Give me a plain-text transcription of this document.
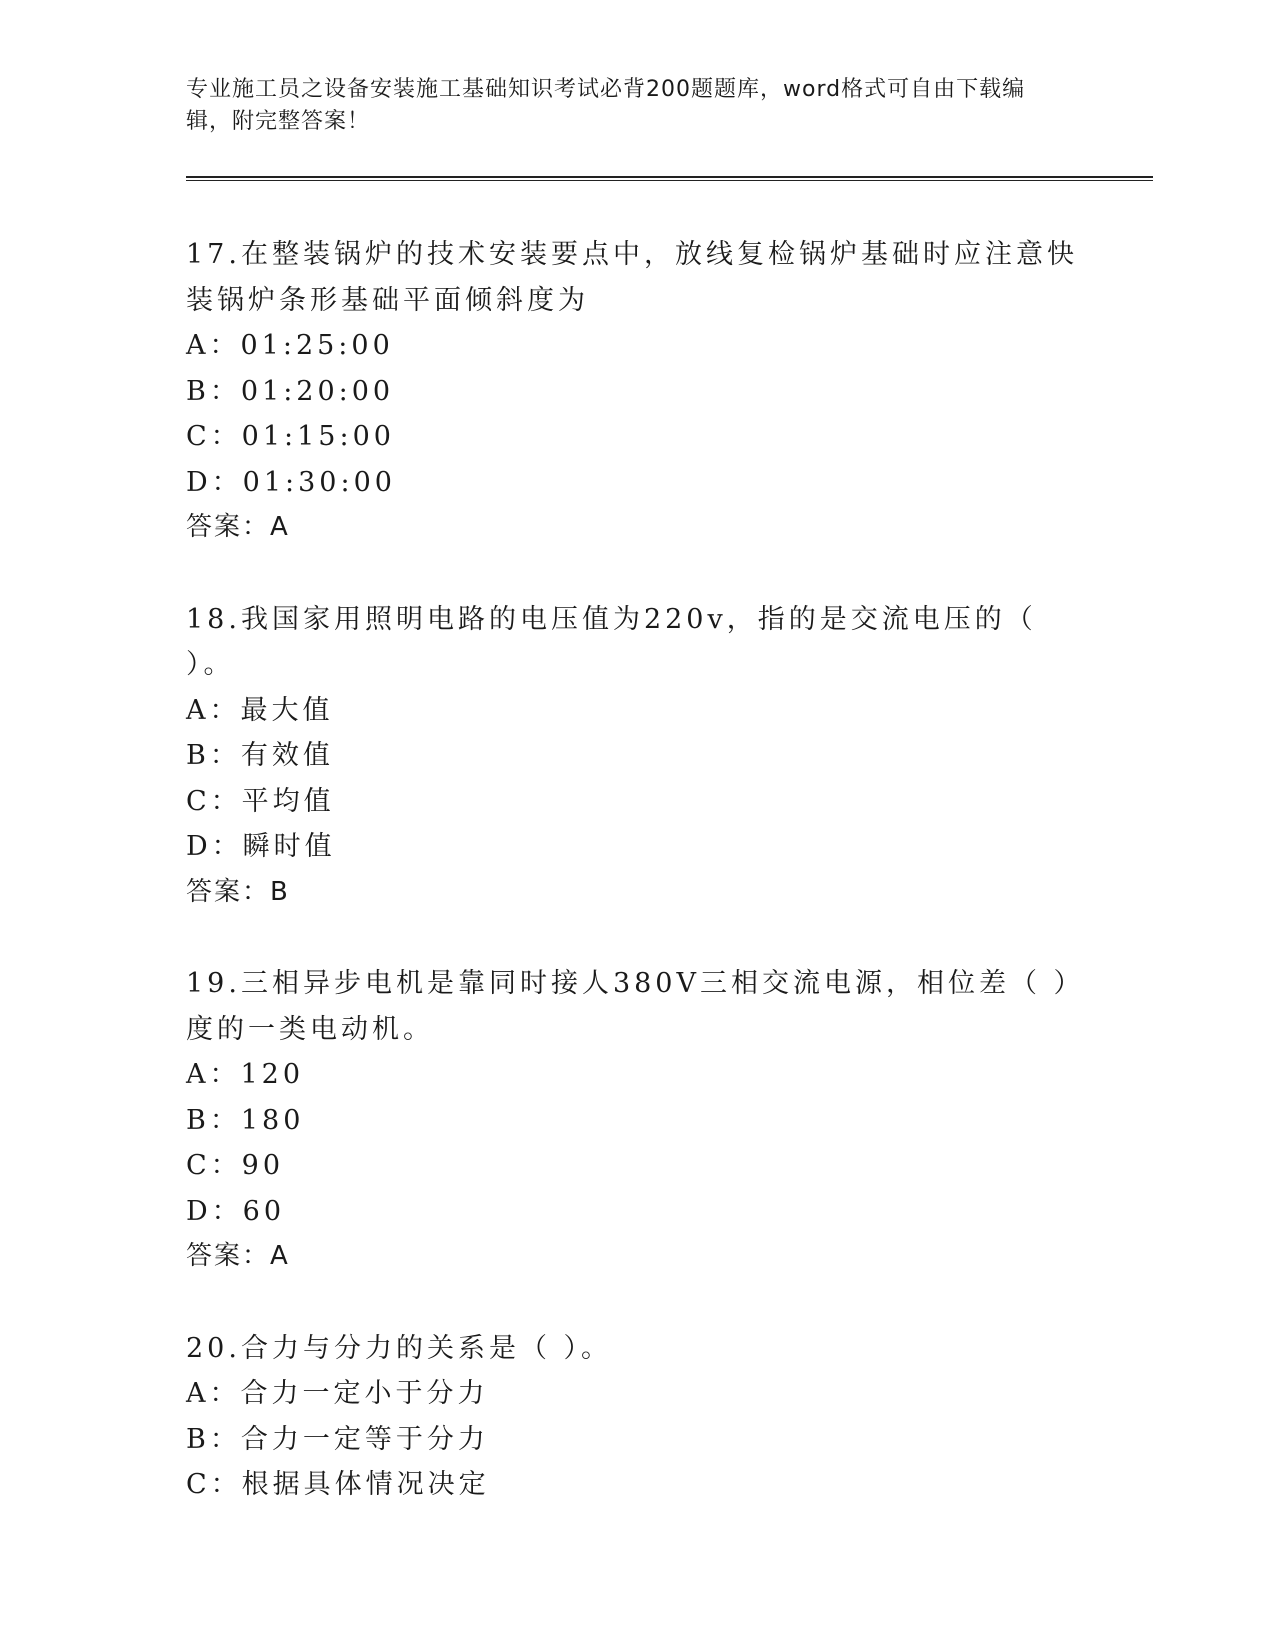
专业施工员之设备安装施工基础知识考试必背200题题库，word格式可自由下载编辑，附完整答案！
17.在整装锅炉的技术安装要点中，放线复检锅炉基础时应注意快装锅炉条形基础平面倾斜度为
A：01:25:00
B：01:20:00
C：01:15:00
D：01:30:00
答案：A
18.我国家用照明电路的电压值为220v，指的是交流电压的（ ）。
A：最大值
B：有效值
C：平均值
D：瞬时值
答案：B
19.三相异步电机是靠同时接人380V三相交流电源，相位差（ ）度的一类电动机。
A：120
B：180
C：90
D：60
答案：A
20.合力与分力的关系是（ ）。
A：合力一定小于分力
B：合力一定等于分力
C：根据具体情况决定
